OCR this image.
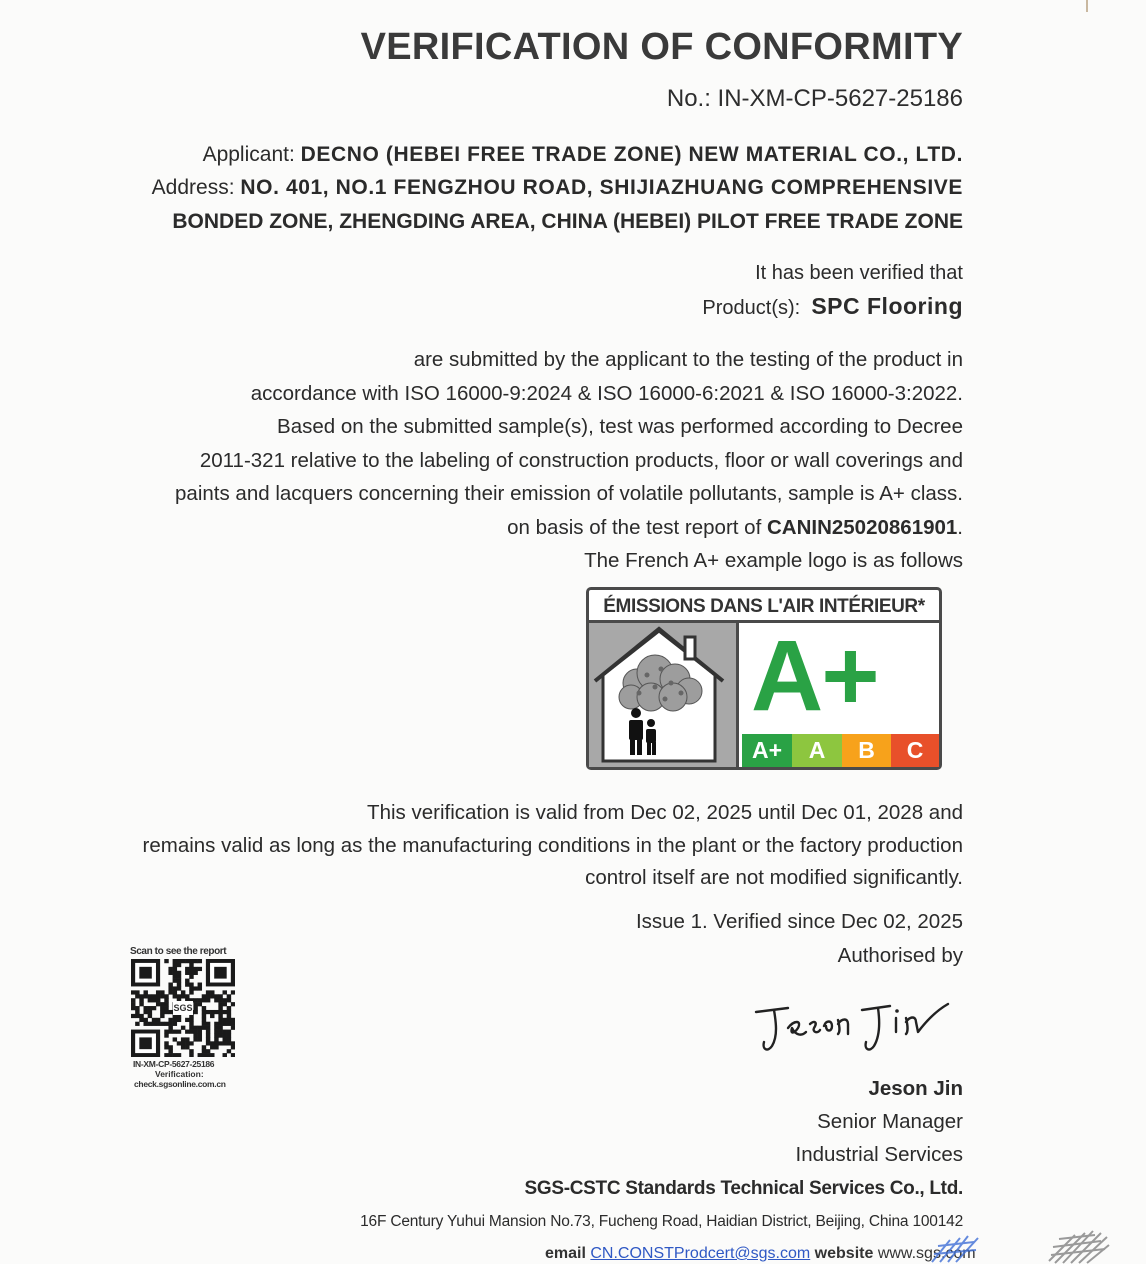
VERIFICATION OF CONFORMITY
No.: IN-XM-CP-5627-25186
Applicant: DECNO (HEBEI FREE TRADE ZONE) NEW MATERIAL CO., LTD.
Address: NO. 401, NO.1 FENGZHOU ROAD, SHIJIAZHUANG COMPREHENSIVE
BONDED ZONE, ZHENGDING AREA, CHINA (HEBEI) PILOT FREE TRADE ZONE
It has been verified that
Product(s): SPC Flooring
are submitted by the applicant to the testing of the product in
accordance with ISO 16000-9:2024 & ISO 16000-6:2021 & ISO 16000-3:2022.
Based on the submitted sample(s), test was performed according to Decree
2011-321 relative to the labeling of construction products, floor or wall coverings and
paints and lacquers concerning their emission of volatile pollutants, sample is A+ class.
on basis of the test report of CANIN25020861901.
The French A+ example logo is as follows
ÉMISSIONS DANS L'AIR INTÉRIEUR*
A+
A+	A	B	C
This verification is valid from Dec 02, 2025 until Dec 01, 2028 and
remains valid as long as the manufacturing conditions in the plant or the factory production
control itself are not modified significantly.
Issue 1. Verified since Dec 02, 2025
Authorised by
Jeson Jin
Senior Manager
Industrial Services
SGS-CSTC Standards Technical Services Co., Ltd.
16F Century Yuhui Mansion No.73, Fucheng Road, Haidian District, Beijing, China 100142
email CN.CONSTProdcert@sgs.com website www.sgs.com
Scan to see the report
SGS
IN-XM-CP-5627-25186
Verification:
check.sgsonline.com.cn
